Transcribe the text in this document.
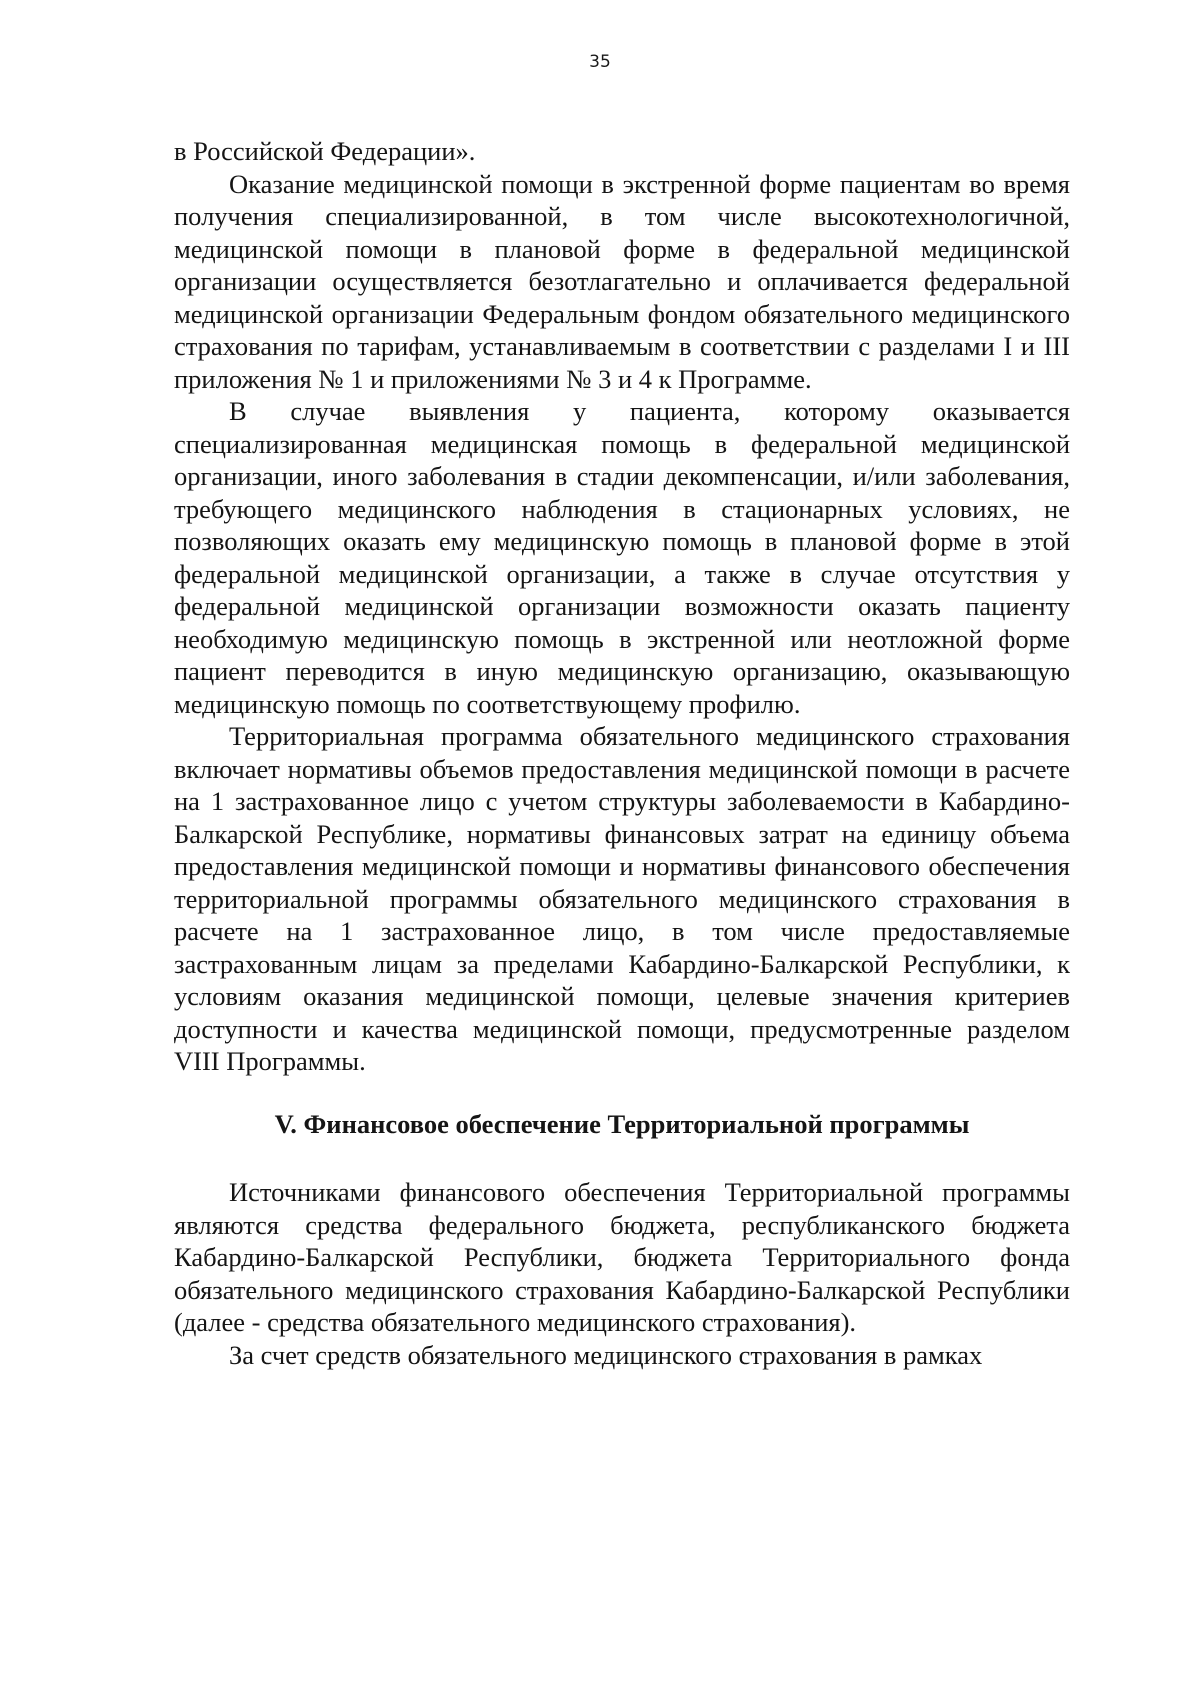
35

в Российской Федерации».

Оказание медицинской помощи в экстренной форме пациентам во время получения специализированной, в том числе высокотехнологичной, медицинской помощи в плановой форме в федеральной медицинской организации осуществляется безотлагательно и оплачивается федеральной медицинской организации Федеральным фондом обязательного медицинского страхования по тарифам, устанавливаемым в соответствии с разделами I и III приложения № 1 и приложениями № 3 и 4 к Программе.

В случае выявления у пациента, которому оказывается специализированная медицинская помощь в федеральной медицинской организации, иного заболевания в стадии декомпенсации, и/или заболевания, требующего медицинского наблюдения в стационарных условиях, не позволяющих оказать ему медицинскую помощь в плановой форме в этой федеральной медицинской организации, а также в случае отсутствия у федеральной медицинской организации возможности оказать пациенту необходимую медицинскую помощь в экстренной или неотложной форме пациент переводится в иную медицинскую организацию, оказывающую медицинскую помощь по соответствующему профилю.

Территориальная программа обязательного медицинского страхования включает нормативы объемов предоставления медицинской помощи в расчете на 1 застрахованное лицо с учетом структуры заболеваемости в Кабардино-Балкарской Республике, нормативы финансовых затрат на единицу объема предоставления медицинской помощи и нормативы финансового обеспечения территориальной программы обязательного медицинского страхования в расчете на 1 застрахованное лицо, в том числе предоставляемые застрахованным лицам за пределами Кабардино-Балкарской Республики, к условиям оказания медицинской помощи, целевые значения критериев доступности и качества медицинской помощи, предусмотренные разделом VIII Программы.

V. Финансовое обеспечение Территориальной программы

Источниками финансового обеспечения Территориальной программы являются средства федерального бюджета, республиканского бюджета Кабардино-Балкарской Республики, бюджета Территориального фонда обязательного медицинского страхования Кабардино-Балкарской Республики (далее - средства обязательного медицинского страхования).

За счет средств обязательного медицинского страхования в рамках
